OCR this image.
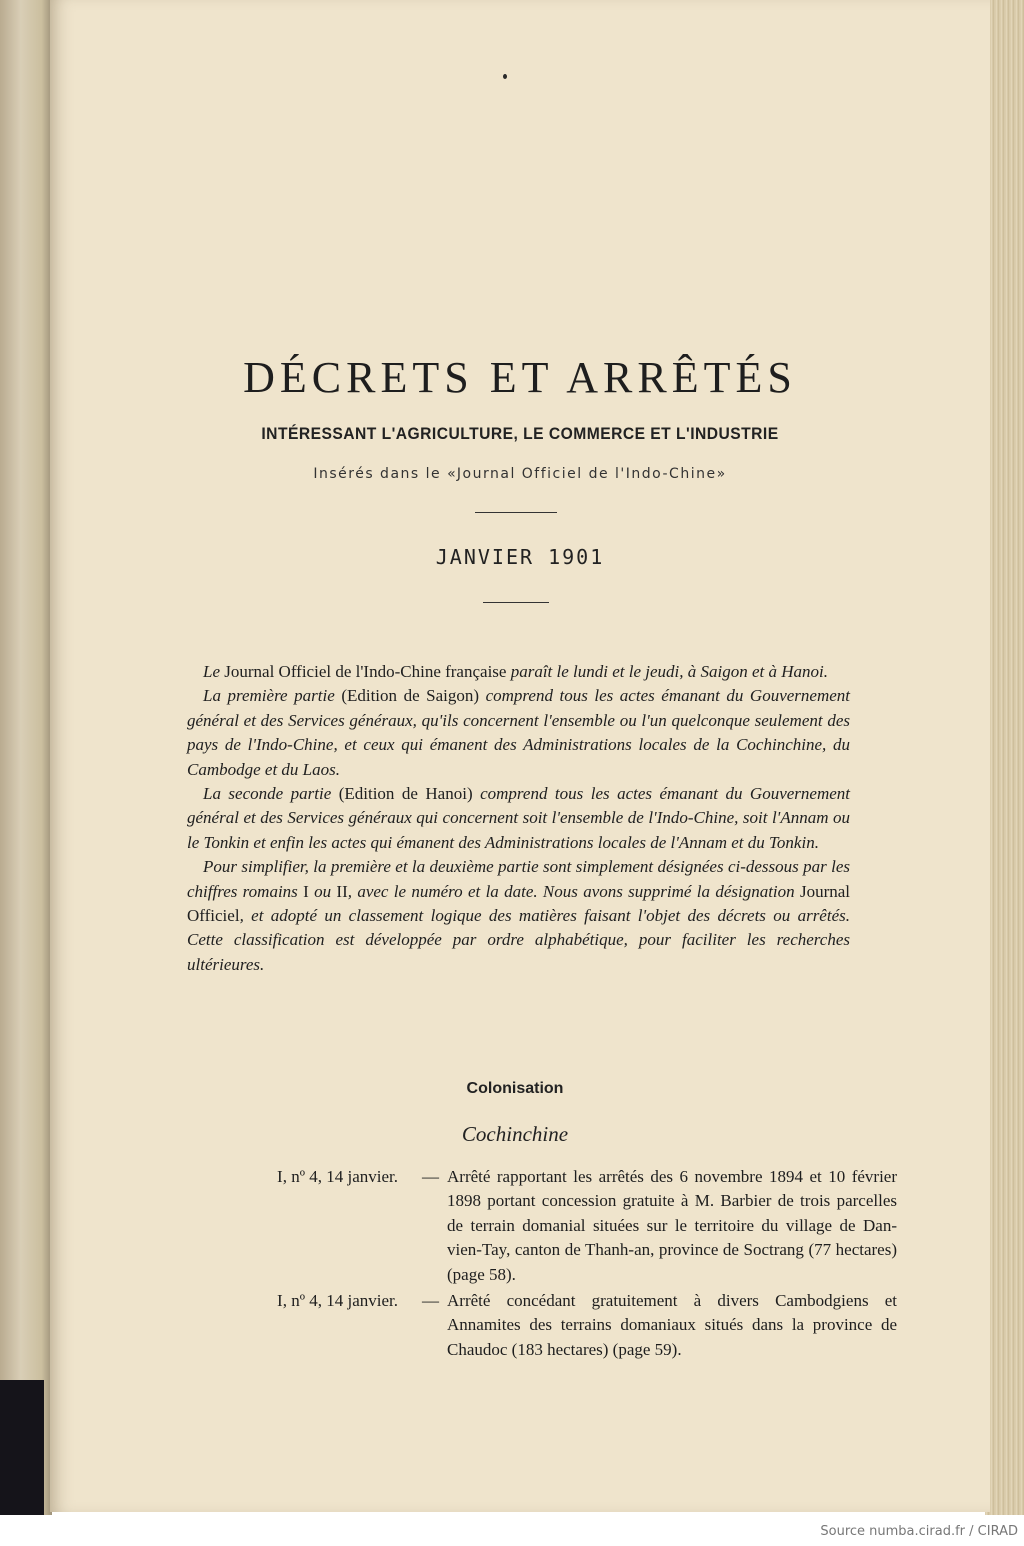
DÉCRETS ET ARRÊTÉS
INTÉRESSANT L'AGRICULTURE, LE COMMERCE ET L'INDUSTRIE
Insérés dans le «Journal Officiel de l'Indo-Chine»
JANVIER 1901

Le Journal Officiel de l'Indo-Chine française paraît le lundi et le jeudi, à Saigon et à Hanoi.

La première partie (Edition de Saigon) comprend tous les actes émanant du Gouvernement général et des Services généraux, qu'ils concernent l'ensemble ou l'un quelconque seulement des pays de l'Indo-Chine, et ceux qui émanent des Administrations locales de la Cochinchine, du Cambodge et du Laos.

La seconde partie (Edition de Hanoi) comprend tous les actes émanant du Gouvernement général et des Services généraux qui concernent soit l'ensemble de l'Indo-Chine, soit l'Annam ou le Tonkin et enfin les actes qui émanent des Administrations locales de l'Annam et du Tonkin.

Pour simplifier, la première et la deuxième partie sont simplement désignées ci-dessous par les chiffres romains I ou II, avec le numéro et la date. Nous avons supprimé la désignation Journal Officiel, et adopté un classement logique des matières faisant l'objet des décrets ou arrêtés. Cette classification est développée par ordre alphabétique, pour faciliter les recherches ultérieures.

Colonisation
Cochinchine
I, nº 4, 14 janvier. — Arrêté rapportant les arrêtés des 6 novembre 1894 et 10 février 1898 portant concession gratuite à M. Barbier de trois parcelles de terrain domanial situées sur le territoire du village de Dan-vien-Tay, canton de Thanh-an, province de Soctrang (77 hectares) (page 58).
I, nº 4, 14 janvier. — Arrêté concédant gratuitement à divers Cambodgiens et Annamites des terrains domaniaux situés dans la province de Chaudoc (183 hectares) (page 59).
Source numba.cirad.fr / CIRAD
